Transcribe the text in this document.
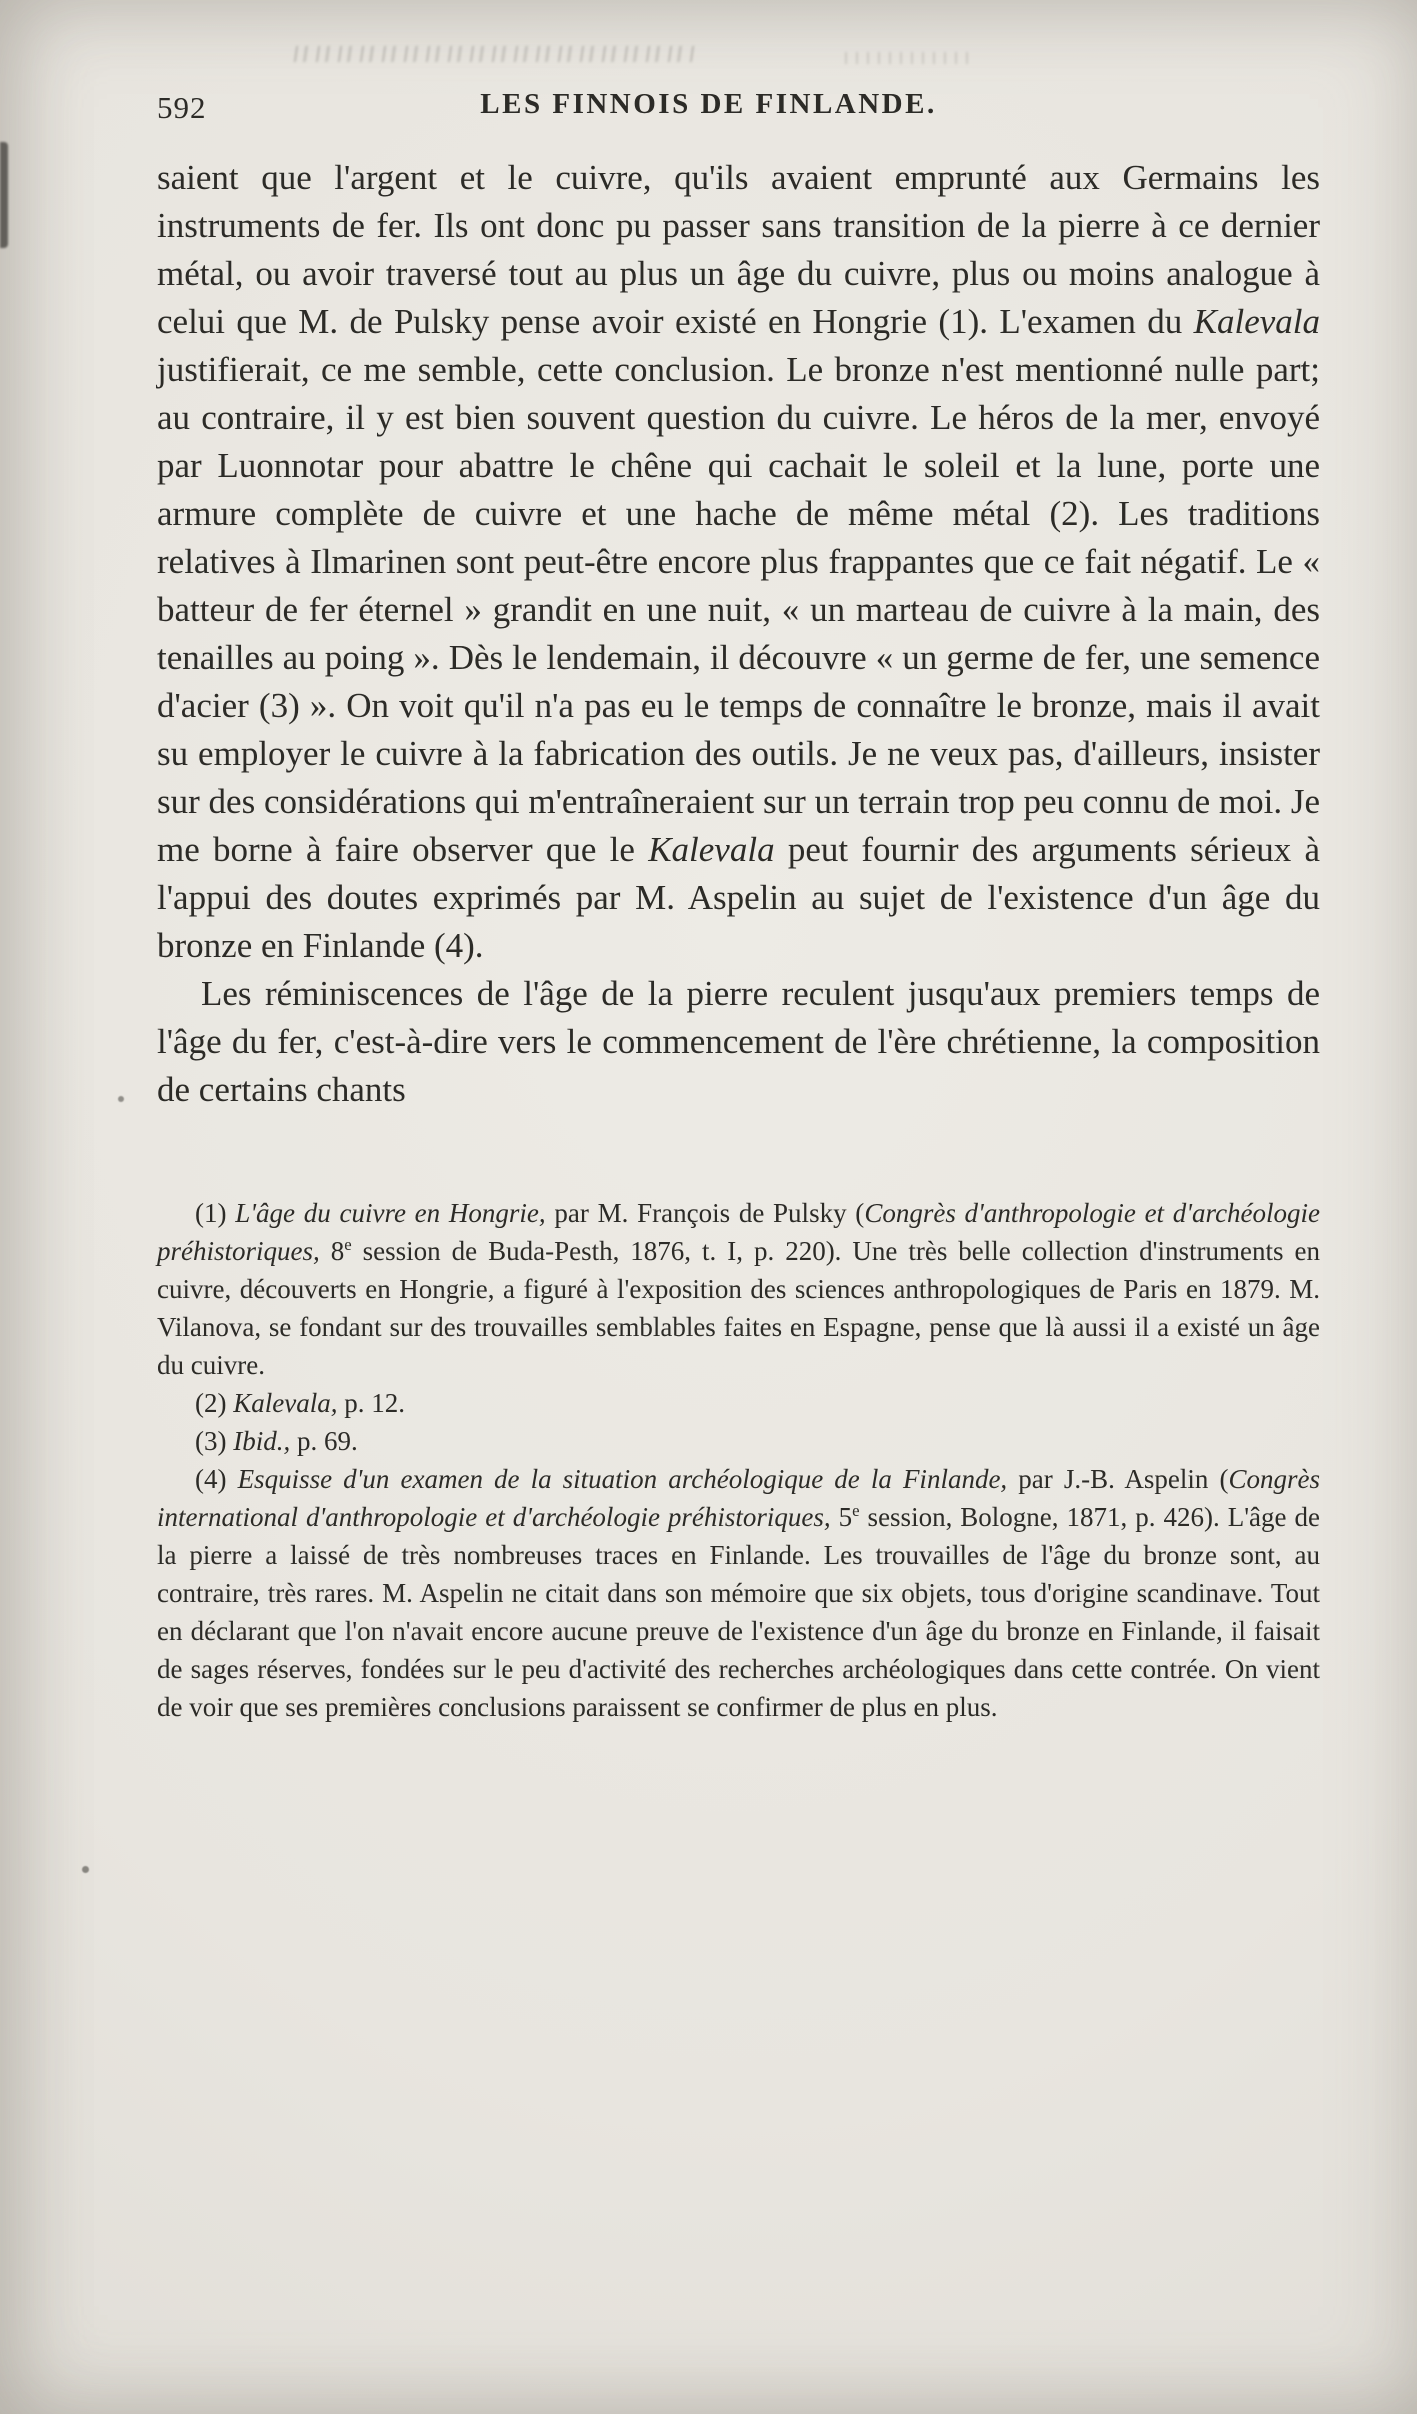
592	LES FINNOIS DE FINLANDE.

saient que l'argent et le cuivre, qu'ils avaient emprunté aux Germains les instruments de fer. Ils ont donc pu passer sans transition de la pierre à ce dernier métal, ou avoir traversé tout au plus un âge du cuivre, plus ou moins analogue à celui que M. de Pulsky pense avoir existé en Hongrie (1). L'examen du Kalevala justifierait, ce me semble, cette conclusion. Le bronze n'est mentionné nulle part; au contraire, il y est bien souvent question du cuivre. Le héros de la mer, envoyé par Luonnotar pour abattre le chêne qui cachait le soleil et la lune, porte une armure complète de cuivre et une hache de même métal (2). Les traditions relatives à Ilmarinen sont peut-être encore plus frappantes que ce fait négatif. Le « batteur de fer éternel » grandit en une nuit, « un marteau de cuivre à la main, des tenailles au poing ». Dès le lendemain, il découvre « un germe de fer, une semence d'acier (3) ». On voit qu'il n'a pas eu le temps de connaître le bronze, mais il avait su employer le cuivre à la fabrication des outils. Je ne veux pas, d'ailleurs, insister sur des considérations qui m'entraîneraient sur un terrain trop peu connu de moi. Je me borne à faire observer que le Kalevala peut fournir des arguments sérieux à l'appui des doutes exprimés par M. Aspelin au sujet de l'existence d'un âge du bronze en Finlande (4).

Les réminiscences de l'âge de la pierre reculent jusqu'aux premiers temps de l'âge du fer, c'est-à-dire vers le commencement de l'ère chrétienne, la composition de certains chants

(1) L'âge du cuivre en Hongrie, par M. François de Pulsky (Congrès d'anthropologie et d'archéologie préhistoriques, 8e session de Buda-Pesth, 1876, t. I, p. 220). Une très belle collection d'instruments en cuivre, découverts en Hongrie, a figuré à l'exposition des sciences anthropologiques de Paris en 1879. M. Vilanova, se fondant sur des trouvailles semblables faites en Espagne, pense que là aussi il a existé un âge du cuivre.

(2) Kalevala, p. 12.

(3) Ibid., p. 69.

(4) Esquisse d'un examen de la situation archéologique de la Finlande, par J.-B. Aspelin (Congrès international d'anthropologie et d'archéologie préhistoriques, 5e session, Bologne, 1871, p. 426). L'âge de la pierre a laissé de très nombreuses traces en Finlande. Les trouvailles de l'âge du bronze sont, au contraire, très rares. M. Aspelin ne citait dans son mémoire que six objets, tous d'origine scandinave. Tout en déclarant que l'on n'avait encore aucune preuve de l'existence d'un âge du bronze en Finlande, il faisait de sages réserves, fondées sur le peu d'activité des recherches archéologiques dans cette contrée. On vient de voir que ses premières conclusions paraissent se confirmer de plus en plus.
